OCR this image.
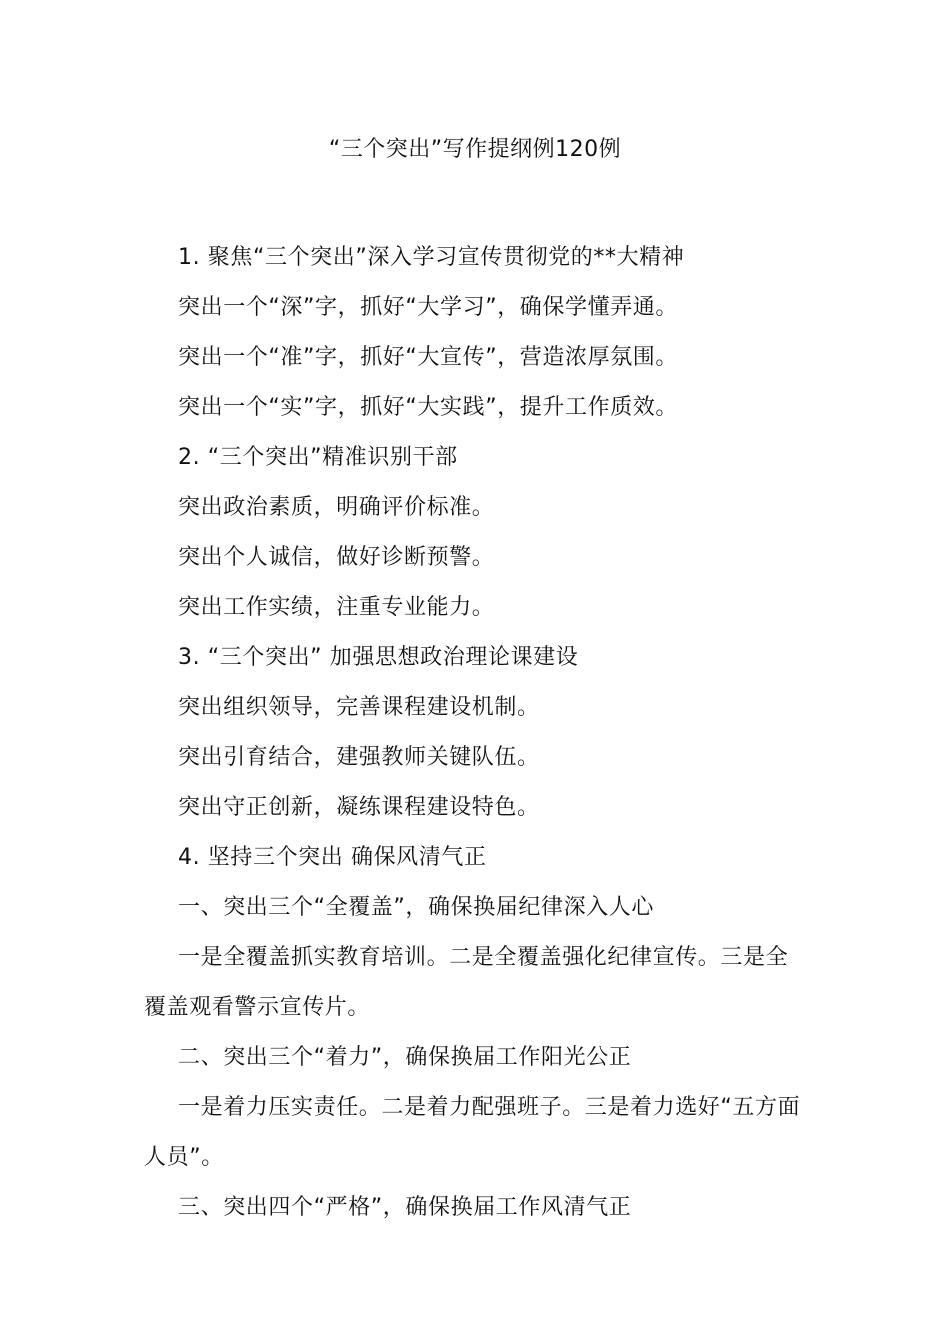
“三个突出”写作提纲例120例

1. 聚焦“三个突出”深入学习宣传贯彻党的**大精神

突出一个“深”字，抓好“大学习”，确保学懂弄通。

突出一个“准”字，抓好“大宣传”，营造浓厚氛围。

突出一个“实”字，抓好“大实践”，提升工作质效。

2. “三个突出”精准识别干部

突出政治素质，明确评价标准。

突出个人诚信，做好诊断预警。

突出工作实绩，注重专业能力。

3. “三个突出” 加强思想政治理论课建设

突出组织领导，完善课程建设机制。

突出引育结合，建强教师关键队伍。

突出守正创新，凝练课程建设特色。

4. 坚持三个突出 确保风清气正

一、突出三个“全覆盖”，确保换届纪律深入人心

一是全覆盖抓实教育培训。二是全覆盖强化纪律宣传。三是全覆盖观看警示宣传片。

二、突出三个“着力”，确保换届工作阳光公正

一是着力压实责任。二是着力配强班子。三是着力选好“五方面人员”。

三、突出四个“严格”，确保换届工作风清气正
